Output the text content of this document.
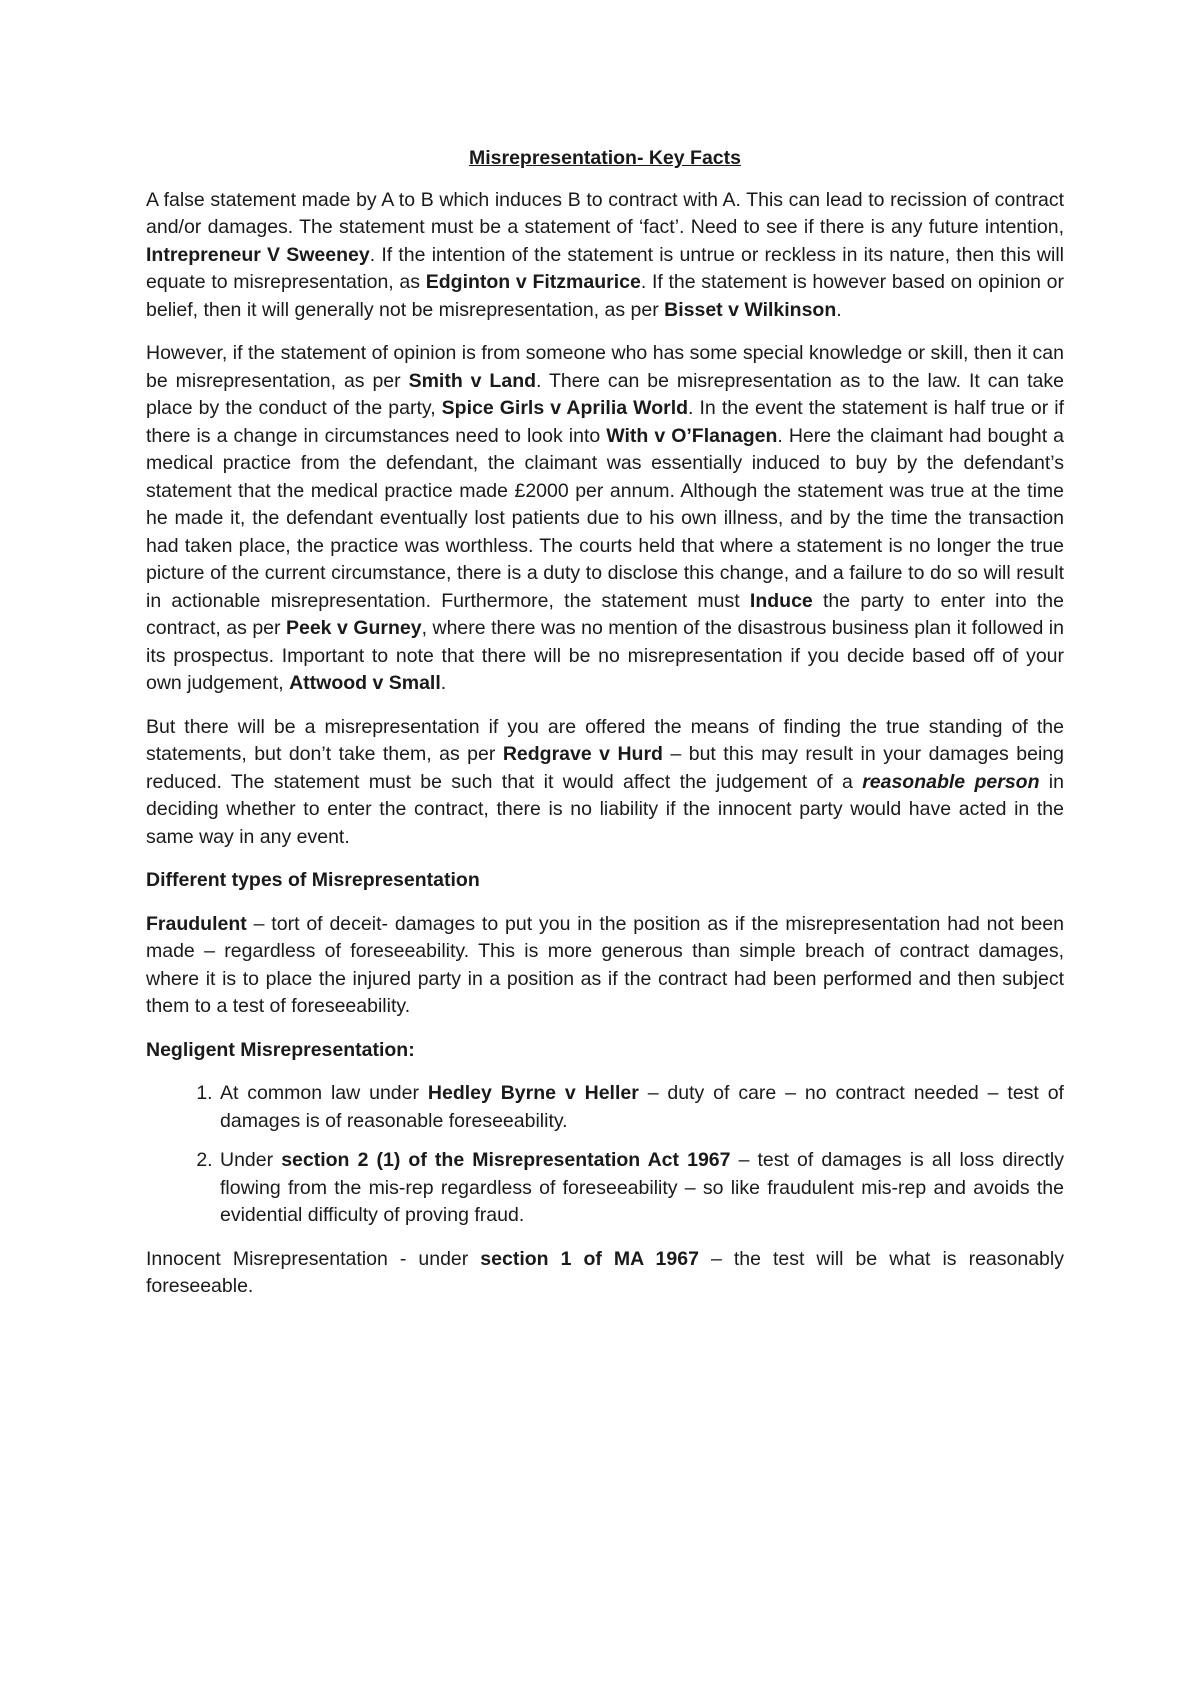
Misrepresentation- Key Facts

A false statement made by A to B which induces B to contract with A. This can lead to recission of contract and/or damages. The statement must be a statement of ‘fact’. Need to see if there is any future intention, Intrepreneur V Sweeney. If the intention of the statement is untrue or reckless in its nature, then this will equate to misrepresentation, as Edginton v Fitzmaurice. If the statement is however based on opinion or belief, then it will generally not be misrepresentation, as per Bisset v Wilkinson.

However, if the statement of opinion is from someone who has some special knowledge or skill, then it can be misrepresentation, as per Smith v Land. There can be misrepresentation as to the law. It can take place by the conduct of the party, Spice Girls v Aprilia World. In the event the statement is half true or if there is a change in circumstances need to look into With v O’Flanagen. Here the claimant had bought a medical practice from the defendant, the claimant was essentially induced to buy by the defendant’s statement that the medical practice made £2000 per annum. Although the statement was true at the time he made it, the defendant eventually lost patients due to his own illness, and by the time the transaction had taken place, the practice was worthless. The courts held that where a statement is no longer the true picture of the current circumstance, there is a duty to disclose this change, and a failure to do so will result in actionable misrepresentation. Furthermore, the statement must Induce the party to enter into the contract, as per Peek v Gurney, where there was no mention of the disastrous business plan it followed in its prospectus. Important to note that there will be no misrepresentation if you decide based off of your own judgement, Attwood v Small.

But there will be a misrepresentation if you are offered the means of finding the true standing of the statements, but don’t take them, as per Redgrave v Hurd – but this may result in your damages being reduced. The statement must be such that it would affect the judgement of a reasonable person in deciding whether to enter the contract, there is no liability if the innocent party would have acted in the same way in any event.

Different types of Misrepresentation

Fraudulent – tort of deceit- damages to put you in the position as if the misrepresentation had not been made – regardless of foreseeability. This is more generous than simple breach of contract damages, where it is to place the injured party in a position as if the contract had been performed and then subject them to a test of foreseeability.

Negligent Misrepresentation:
1. At common law under Hedley Byrne v Heller – duty of care – no contract needed – test of damages is of reasonable foreseeability.
2. Under section 2 (1) of the Misrepresentation Act 1967 – test of damages is all loss directly flowing from the mis-rep regardless of foreseeability – so like fraudulent mis-rep and avoids the evidential difficulty of proving fraud.

Innocent Misrepresentation - under section 1 of MA 1967 – the test will be what is reasonably foreseeable.
